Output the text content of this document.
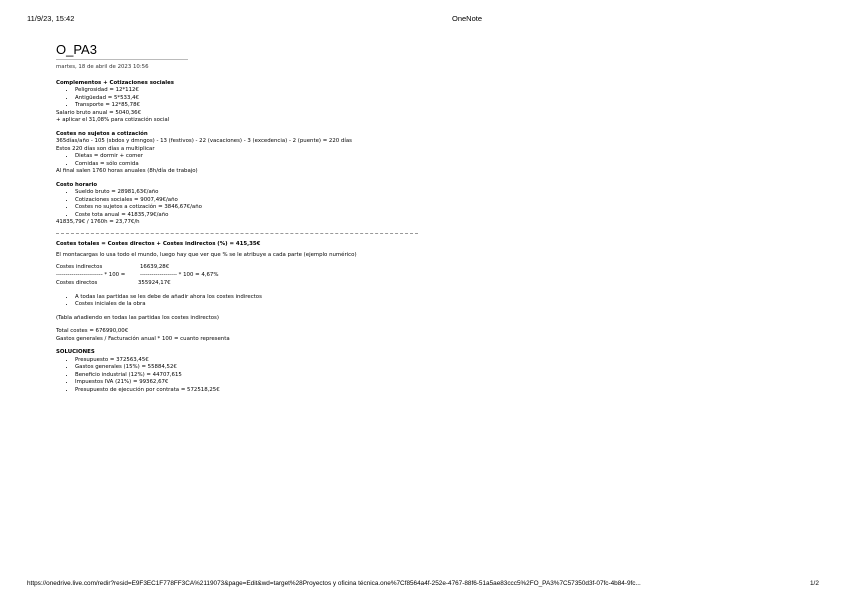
11/9/23, 15:42	OneNote
O_PA3
martes, 18 de abril de 2023 10:56
Complementos + Cotizaciones sociales
• Peligrosidad = 12*112€
• Antigüedad = 5*533,4€
• Transporte = 12*85,78€
Salario bruto anual = 5040,36€
+ aplicar el 31,08% para cotización social
Costes no sujetos a cotización
365días/año - 105 (sbdos y dmngos) - 13 (festivos) - 22 (vacaciones) - 3 (excedencia) - 2 (puente) = 220 días
Estos 220 días son días a multiplicar
• Dietas = dormir + comer
• Comidas = sólo comida
Al final salen 1760 horas anuales (8h/día de trabajo)
Costo horario
• Sueldo bruto = 28981,63€/año
• Cotizaciones sociales = 9007,49€/año
• Costes no sujetos a cotización = 3846,67€/año
• Coste tota anual = 41835,79€/año
41835,79€ / 1760h = 23,77€/h
Costes totales = Costes directos + Costes indirectos (%) = 415,35€
El montacargas lo usa todo el mundo, luego hay que ver que % se le atribuye a cada parte (ejemplo numérico)
Costes indirectos	16639,28€
------------------------ * 100 =	------------------- * 100 = 4,67%
Costes directos	355924,17€
• A todas las partidas se les debe de añadir ahora los costes indirectos
• Costes iniciales de la obra
(Tabla añadiendo en todas las partidas los costes indirectos)
Total costes = 676990,00€
Gastos generales / Facturación anual * 100 = cuanto representa
SOLUCIONES
• Presupuesto = 372563,45€
• Gastos generales (15%) = 55884,52€
• Beneficio industrial (12%) = 44707,615
• Impuestos IVA (21%) = 99362,67€
• Presupuesto de ejecución por contrata = 572518,25€
https://onedrive.live.com/redir?resid=E9F3EC1F778FF3CA%2119073&page=Edit&wd=target%28Proyectos y oficina técnica.one%7Cf8564a4f-252e-4767-88f6-51a5ae83ccc5%2FO_PA3%7C57350d3f-07fc-4b84-9fc...	1/2
